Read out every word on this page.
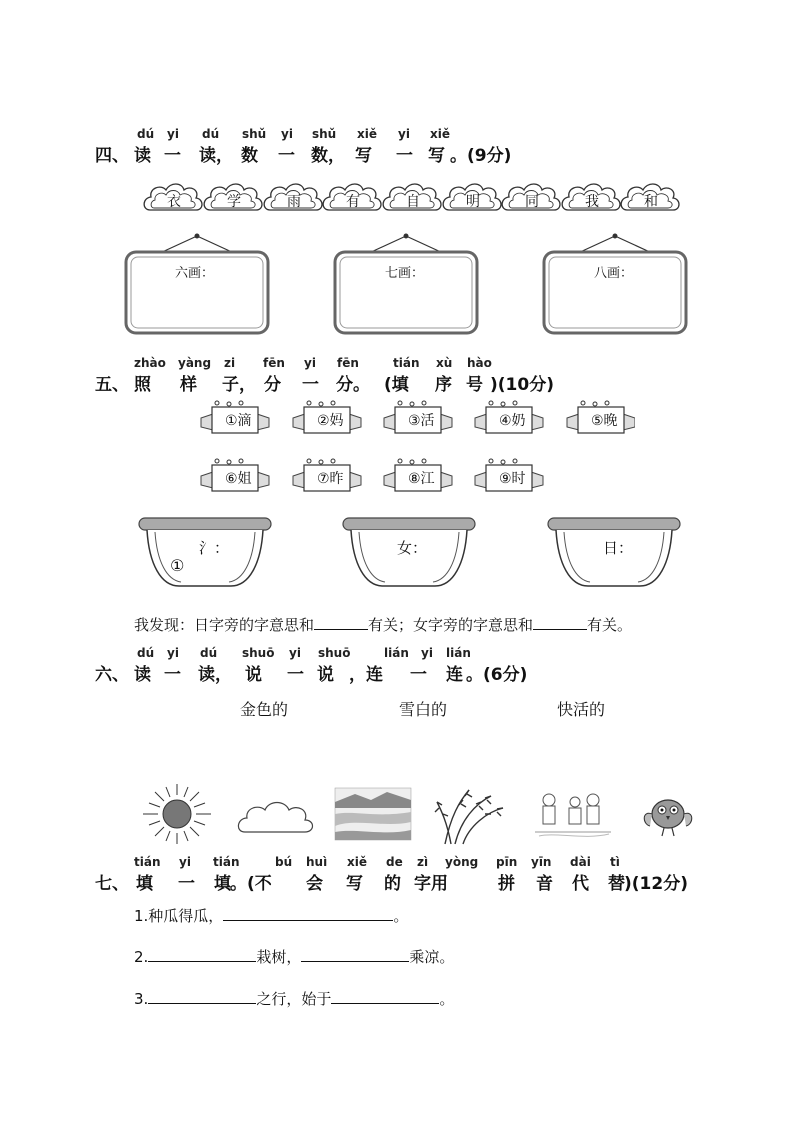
四、
dú yi dú shǔ yi shǔ xiě yi xiě
读 一 读， 数 一 数， 写 一 写 。(9分)
衣	学	雨	有	自	明	同	我	和
六画：	七画：	八画：
五、
zhào yàng zi fēn yi fēn	tián xù hào
照 样 子， 分 一 分。 (填 序 号 )(10分)
①滴	②妈	③活	④奶	⑤晚
⑥姐	⑦昨	⑧江	⑨时
氵：
①
女：	日：
我发现：日字旁的字意思和	有关；女字旁的字意思和	有关。
六、
dú yi dú shuō yi shuō	lián yi lián
读 一 读， 说 一 说 ，连 一 连 。(6分)
金色的	雪白的	快活的
七、
tián yi tián	bú huì xiě de zì yòng pīn yīn dài tì
填 一 填 。(不 会 写 的 字用	拼 音 代 替 )(12分)
1.种瓜得瓜，	。
2.	栽树，	乘凉。
3.	之行，始于	。
